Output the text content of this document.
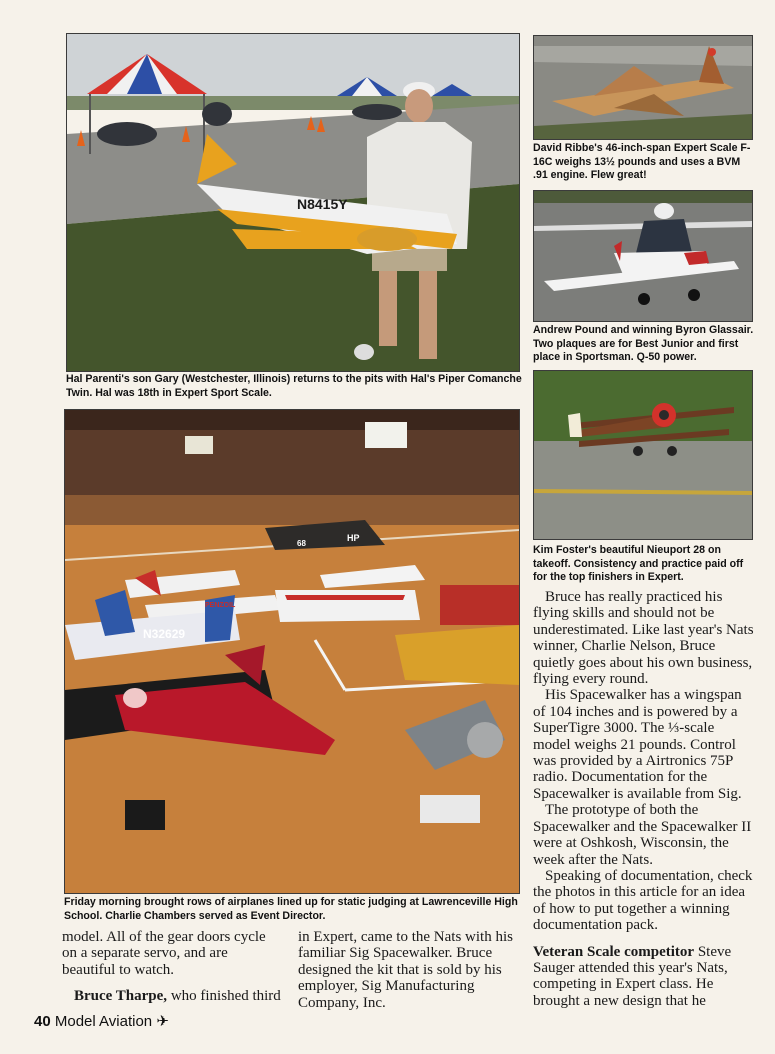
N8415Y
Hal Parenti's son Gary (Westchester, Illinois) returns to the pits with Hal's Piper Comanche Twin. Hal was 18th in Expert Sport Scale.
David Ribbe's 46-inch-span Expert Scale F-16C weighs 13½ pounds and uses a BVM .91 engine. Flew great!
Andrew Pound and winning Byron Glassair. Two plaques are for Best Junior and first place in Sportsman. Q-50 power.
Kim Foster's beautiful Nieuport 28 on takeoff. Consistency and practice paid off for the top finishers in Expert.
N32629
PENZOIL
HP
68
Friday morning brought rows of airplanes lined up for static judging at Lawrenceville High School. Charlie Chambers served as Event Director.

model. All of the gear doors cycle on a separate servo, and are beautiful to watch.

Bruce Tharpe, who finished third

in Expert, came to the Nats with his familiar Sig Spacewalker. Bruce designed the kit that is sold by his employer, Sig Manufacturing Company, Inc.

Bruce has really practiced his flying skills and should not be underestimated. Like last year's Nats winner, Charlie Nelson, Bruce quietly goes about his own business, flying every round.

His Spacewalker has a wingspan of 104 inches and is powered by a SuperTigre 3000. The ⅓-scale model weighs 21 pounds. Control was provided by a Airtronics 75P radio. Documentation for the Spacewalker is available from Sig.

The prototype of both the Spacewalker and the Spacewalker II were at Oshkosh, Wisconsin, the week after the Nats.

Speaking of documentation, check the photos in this article for an idea of how to put together a winning documentation pack.

Veteran Scale competitor Steve Sauger attended this year's Nats, competing in Expert class. He brought a new design that he

40 Model Aviation ✈
